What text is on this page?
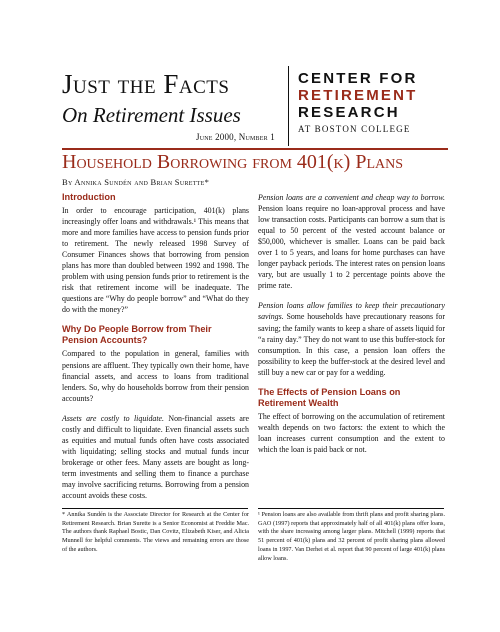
Just the Facts
On Retirement Issues
June 2000, Number 1
CENTER FOR
RETIREMENT
RESEARCH
AT BOSTON COLLEGE
Household Borrowing from 401(k) Plans
By Annika Sundén and Brian Surette*
Introduction

In order to encourage participation, 401(k) plans increasingly offer loans and withdrawals.¹ This means that more and more families have access to pension funds prior to retirement. The newly released 1998 Survey of Consumer Finances shows that borrowing from pension plans has more than doubled between 1992 and 1998. The problem with using pension funds prior to retirement is the risk that retirement income will be inadequate. The questions are “Why do people borrow” and “What do they do with the money?”

Why Do People Borrow from Their Pension Accounts?

Compared to the population in general, families with pensions are affluent. They typically own their home, have financial assets, and access to loans from traditional lenders. So, why do households borrow from their pension accounts?

Assets are costly to liquidate. Non-financial assets are costly and difficult to liquidate. Even financial assets such as equities and mutual funds often have costs associated with liquidating; selling stocks and mutual funds incur brokerage or other fees. Many assets are bought as long-term investments and selling them to finance a purchase may involve sacrificing returns. Borrowing from a pension account avoids these costs.

Pension loans are a convenient and cheap way to borrow. Pension loans require no loan-approval process and have low transaction costs. Participants can borrow a sum that is equal to 50 percent of the vested account balance or $50,000, whichever is smaller. Loans can be paid back over 1 to 5 years, and loans for home purchases can have longer payback periods. The interest rates on pension loans vary, but are usually 1 to 2 percentage points above the prime rate.

Pension loans allow families to keep their precautionary savings. Some households have precautionary reasons for saving; the family wants to keep a share of assets liquid for “a rainy day.” They do not want to use this buffer-stock for consumption. In this case, a pension loan offers the possibility to keep the buffer-stock at the desired level and still buy a new car or pay for a wedding.

The Effects of Pension Loans on Retirement Wealth

The effect of borrowing on the accumulation of retirement wealth depends on two factors: the extent to which the loan increases current consumption and the extent to which the loan is paid back or not.

* Annika Sundén is the Associate Director for Research at the Center for Retirement Research. Brian Surette is a Senior Economist at Freddie Mac. The authors thank Raphael Bostic, Dan Covitz, Elizabeth Kiser, and Alicia Munnell for helpful comments. The views and remaining errors are those of the authors.
¹ Pension loans are also available from thrift plans and profit sharing plans. GAO (1997) reports that approximately half of all 401(k) plans offer loans, with the share increasing among larger plans. Mitchell (1999) reports that 51 percent of 401(k) plans and 32 percent of profit sharing plans allowed loans in 1997. Van Derhei et al. report that 90 percent of large 401(k) plans allow loans.
